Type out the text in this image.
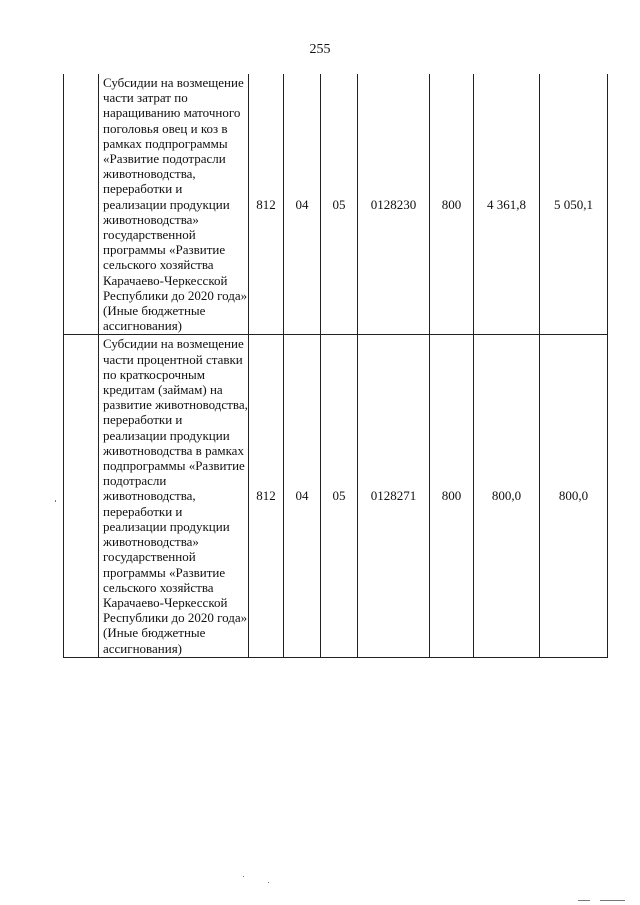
255
	Субсидии на возмещение части затрат по наращиванию маточного поголовья овец и коз в рамках подпрограммы «Развитие подотрасли животноводства, переработки и реализации продукции животноводства» государственной программы «Развитие сельского хозяйства Карачаево-Черкесской Республики до 2020 года» (Иные бюджетные ассигнования)	812	04	05	0128230	800	4 361,8	5 050,1
	Субсидии на возмещение части процентной ставки по краткосрочным кредитам (займам) на развитие животноводства, переработки и реализации продукции животноводства в рамках подпрограммы «Развитие подотрасли животноводства, переработки и реализации продукции животноводства» государственной программы «Развитие сельского хозяйства Карачаево-Черкесской Республики до 2020 года» (Иные бюджетные ассигнования)	812	04	05	0128271	800	800,0	800,0
